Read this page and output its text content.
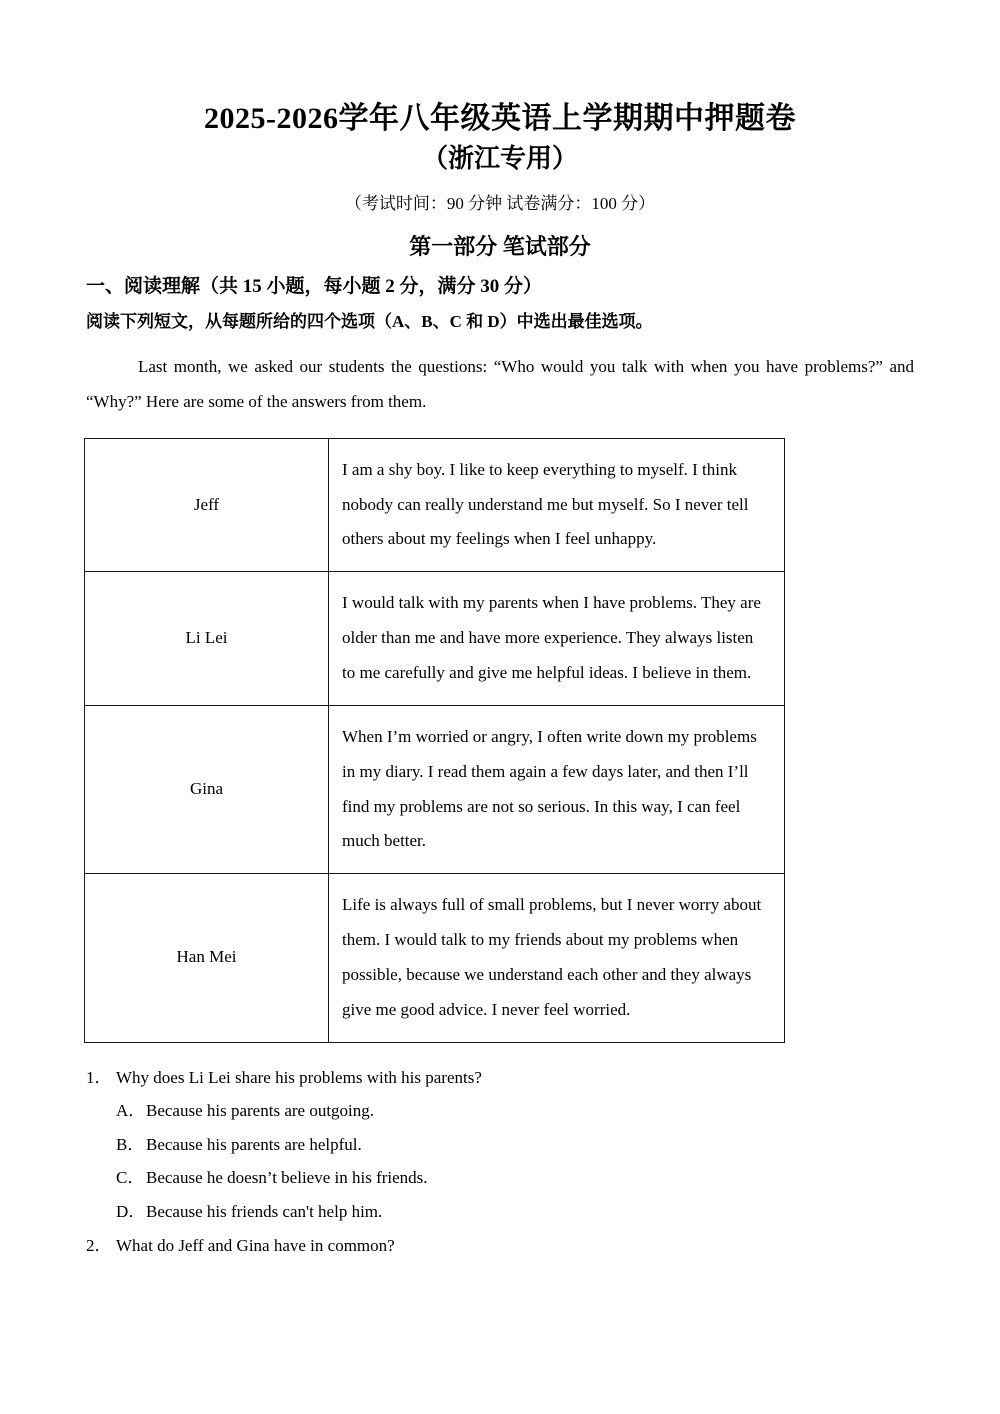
2025-2026学年八年级英语上学期期中押题卷
（浙江专用）
（考试时间：90 分钟 试卷满分：100 分）
第一部分 笔试部分
一、阅读理解（共 15 小题，每小题 2 分，满分 30 分）
阅读下列短文，从每题所给的四个选项（A、B、C 和 D）中选出最佳选项。

Last month, we asked our students the questions: “Who would you talk with when you have problems?” and “Why?” Here are some of the answers from them.

Jeff	I am a shy boy. I like to keep everything to myself. I think nobody can really understand me but myself. So I never tell others about my feelings when I feel unhappy.
Li Lei	I would talk with my parents when I have problems. They are older than me and have more experience. They always listen to me carefully and give me helpful ideas. I believe in them.
Gina	When I’m worried or angry, I often write down my problems in my diary. I read them again a few days later, and then I’ll find my problems are not so serious. In this way, I can feel much better.
Han Mei	Life is always full of small problems, but I never worry about them. I would talk to my friends about my problems when possible, because we understand each other and they always give me good advice. I never feel worried.

1． Why does Li Lei share his problems with his parents?

A．Because his parents are outgoing.

B．Because his parents are helpful.

C．Because he doesn’t believe in his friends.

D．Because his friends can't help him.

2． What do Jeff and Gina have in common?
